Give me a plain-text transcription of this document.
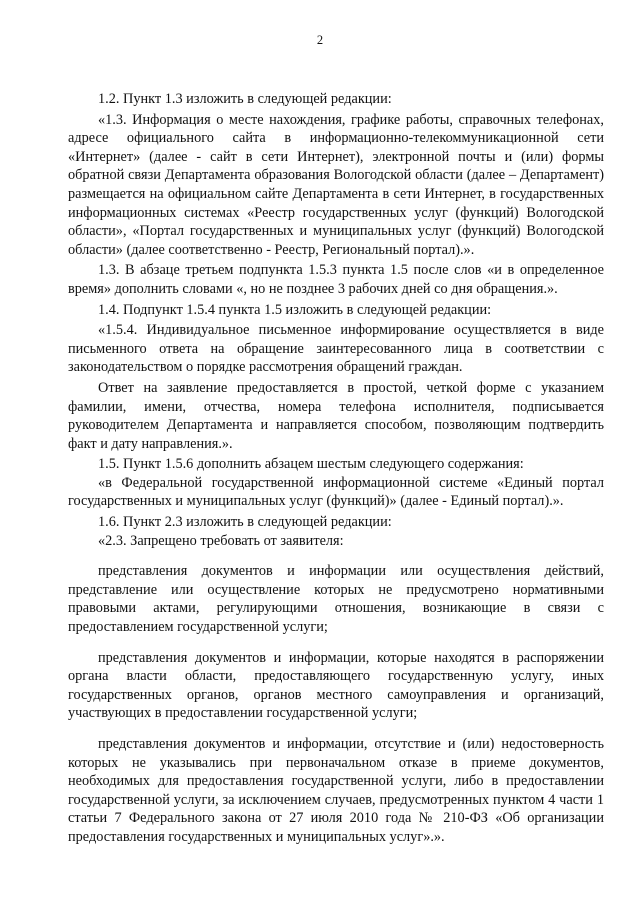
2

1.2. Пункт 1.3 изложить в следующей редакции:

«1.3. Информация о месте нахождения, графике работы, справочных телефонах, адресе официального сайта в информационно-телекоммуникационной сети «Интернет» (далее - сайт в сети Интернет), электронной почты и (или) формы обратной связи Департамента образования Вологодской области (далее – Департамент) размещается на официальном сайте Департамента в сети Интернет, в государственных информационных системах «Реестр государственных услуг (функций) Вологодской области», «Портал государственных и муниципальных услуг (функций) Вологодской области» (далее соответственно - Реестр, Региональный портал).».

1.3. В абзаце третьем подпункта 1.5.3 пункта 1.5 после слов «и в определенное время» дополнить словами «, но не позднее 3 рабочих дней со дня обращения.».

1.4. Подпункт 1.5.4 пункта 1.5 изложить в следующей редакции:

«1.5.4. Индивидуальное письменное информирование осуществляется в виде письменного ответа на обращение заинтересованного лица в соответствии с законодательством о порядке рассмотрения обращений граждан.

Ответ на заявление предоставляется в простой, четкой форме с указанием фамилии, имени, отчества, номера телефона исполнителя, подписывается руководителем Департамента и направляется способом, позволяющим подтвердить факт и дату направления.».

1.5. Пункт 1.5.6 дополнить абзацем шестым следующего содержания:

«в Федеральной государственной информационной системе «Единый портал государственных и муниципальных услуг (функций)» (далее - Единый портал).».

1.6. Пункт 2.3 изложить в следующей редакции:

«2.3. Запрещено требовать от заявителя:

представления документов и информации или осуществления действий, представление или осуществление которых не предусмотрено нормативными правовыми актами, регулирующими отношения, возникающие в связи с предоставлением государственной услуги;

представления документов и информации, которые находятся в распоряжении органа власти области, предоставляющего государственную услугу, иных государственных органов, органов местного самоуправления и организаций, участвующих в предоставлении государственной услуги;

представления документов и информации, отсутствие и (или) недостоверность которых не указывались при первоначальном отказе в приеме документов, необходимых для предоставления государственной услуги, либо в предоставлении государственной услуги, за исключением случаев, предусмотренных пунктом 4 части 1 статьи 7 Федерального закона от 27 июля 2010 года № 210-ФЗ «Об организации предоставления государственных и муниципальных услуг».».
